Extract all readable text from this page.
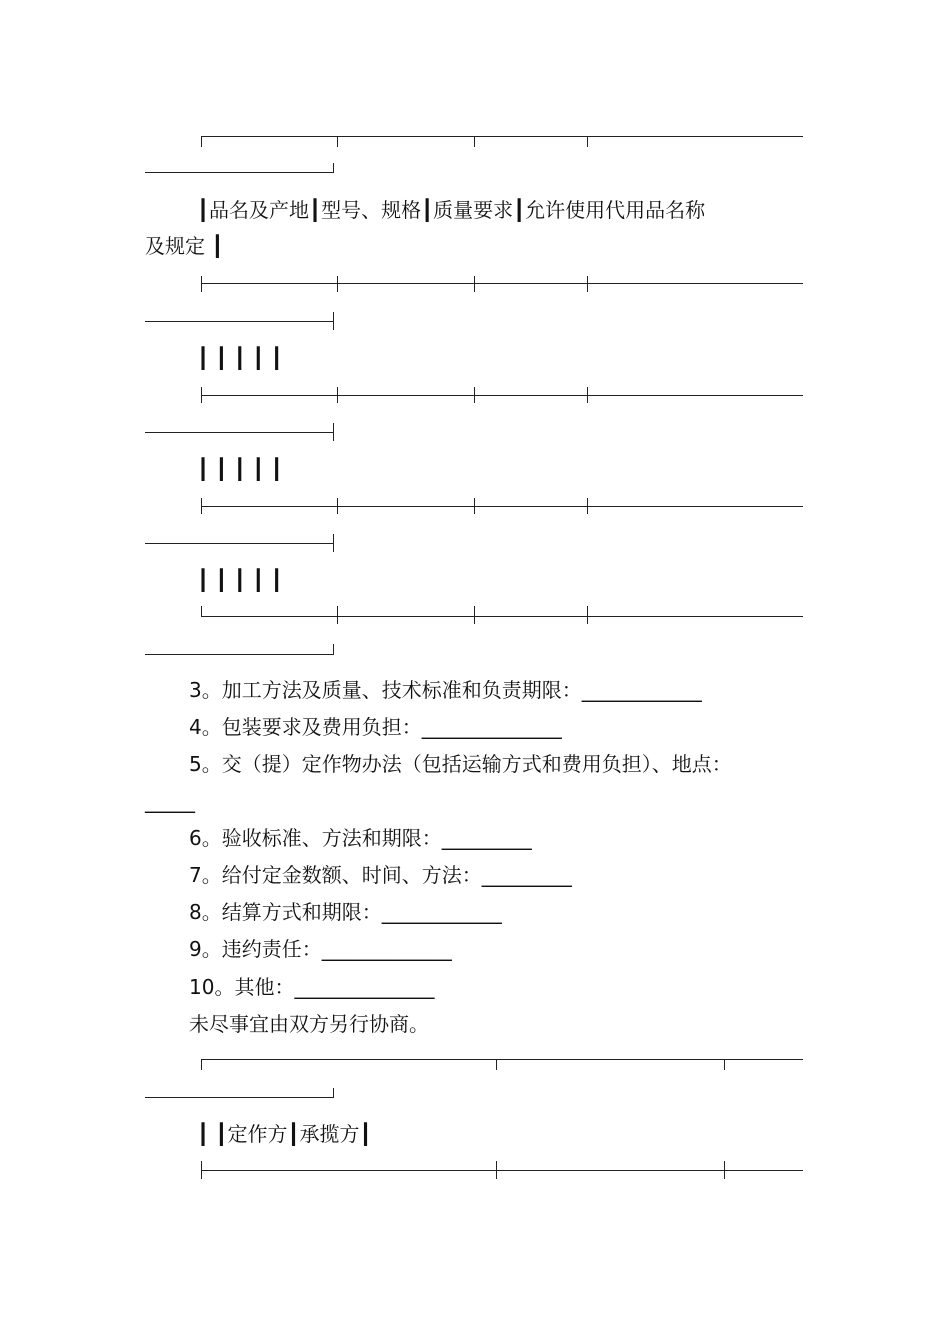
┃品名及产地┃型号、规格┃质量要求┃允许使用代用品名称
及规定 ┃
┃ ┃ ┃ ┃ ┃
┃ ┃ ┃ ┃ ┃
┃ ┃ ┃ ┃ ┃
3。加工方法及质量、技术标准和负责期限：____________
4。包装要求及费用负担：______________
5。交（提）定作物办法（包括运输方式和费用负担）、地点：
_____
6。验收标准、方法和期限：_________
7。给付定金数额、时间、方法：_________
8。结算方式和期限：____________
9。违约责任：_____________
10。其他：______________
未尽事宜由双方另行协商。
┃ ┃定作方┃承揽方┃
